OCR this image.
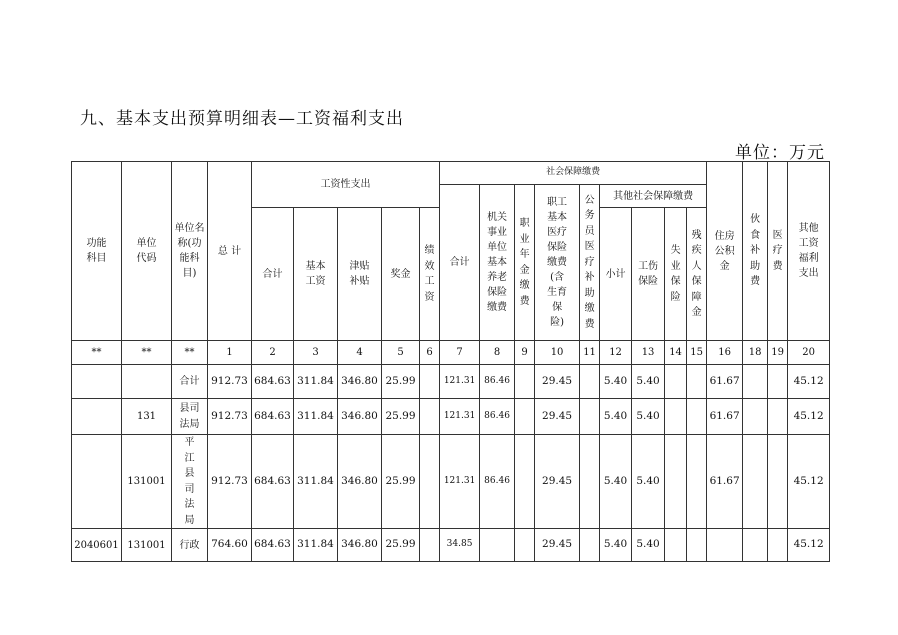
九、基本支出预算明细表—工资福利支出
单位：万元
功能科目	单位代码	单位名称(功能科目)	总 计	工资性支出					社会保障缴费									住房公积金	伙食补助费	医疗费	其他工资福利支出
									合计	机关事业单位基本养老保险缴费	职业年金缴费	职工基本医疗保险缴费(含生育保险)	公务员医疗补助缴费	其他社会保障缴费							
				合计	基本工资	津贴补贴	奖金	绩效工资						小计	工伤保险	失业保险	残疾人保障金				
**	**	**	1	2	3	4	5	6	7	8	9	10	11	12	13	14	15	16	18	19	20
		合计	912.73	684.63	311.84	346.80	25.99		121.31	86.46		29.45		5.40	5.40			61.67			45.12
	131	县司法局	912.73	684.63	311.84	346.80	25.99		121.31	86.46		29.45		5.40	5.40			61.67			45.12
	131001	平江县司法局	912.73	684.63	311.84	346.80	25.99		121.31	86.46		29.45		5.40	5.40			61.67			45.12
2040601	131001	行政	764.60	684.63	311.84	346.80	25.99		34.85			29.45		5.40	5.40						45.12
